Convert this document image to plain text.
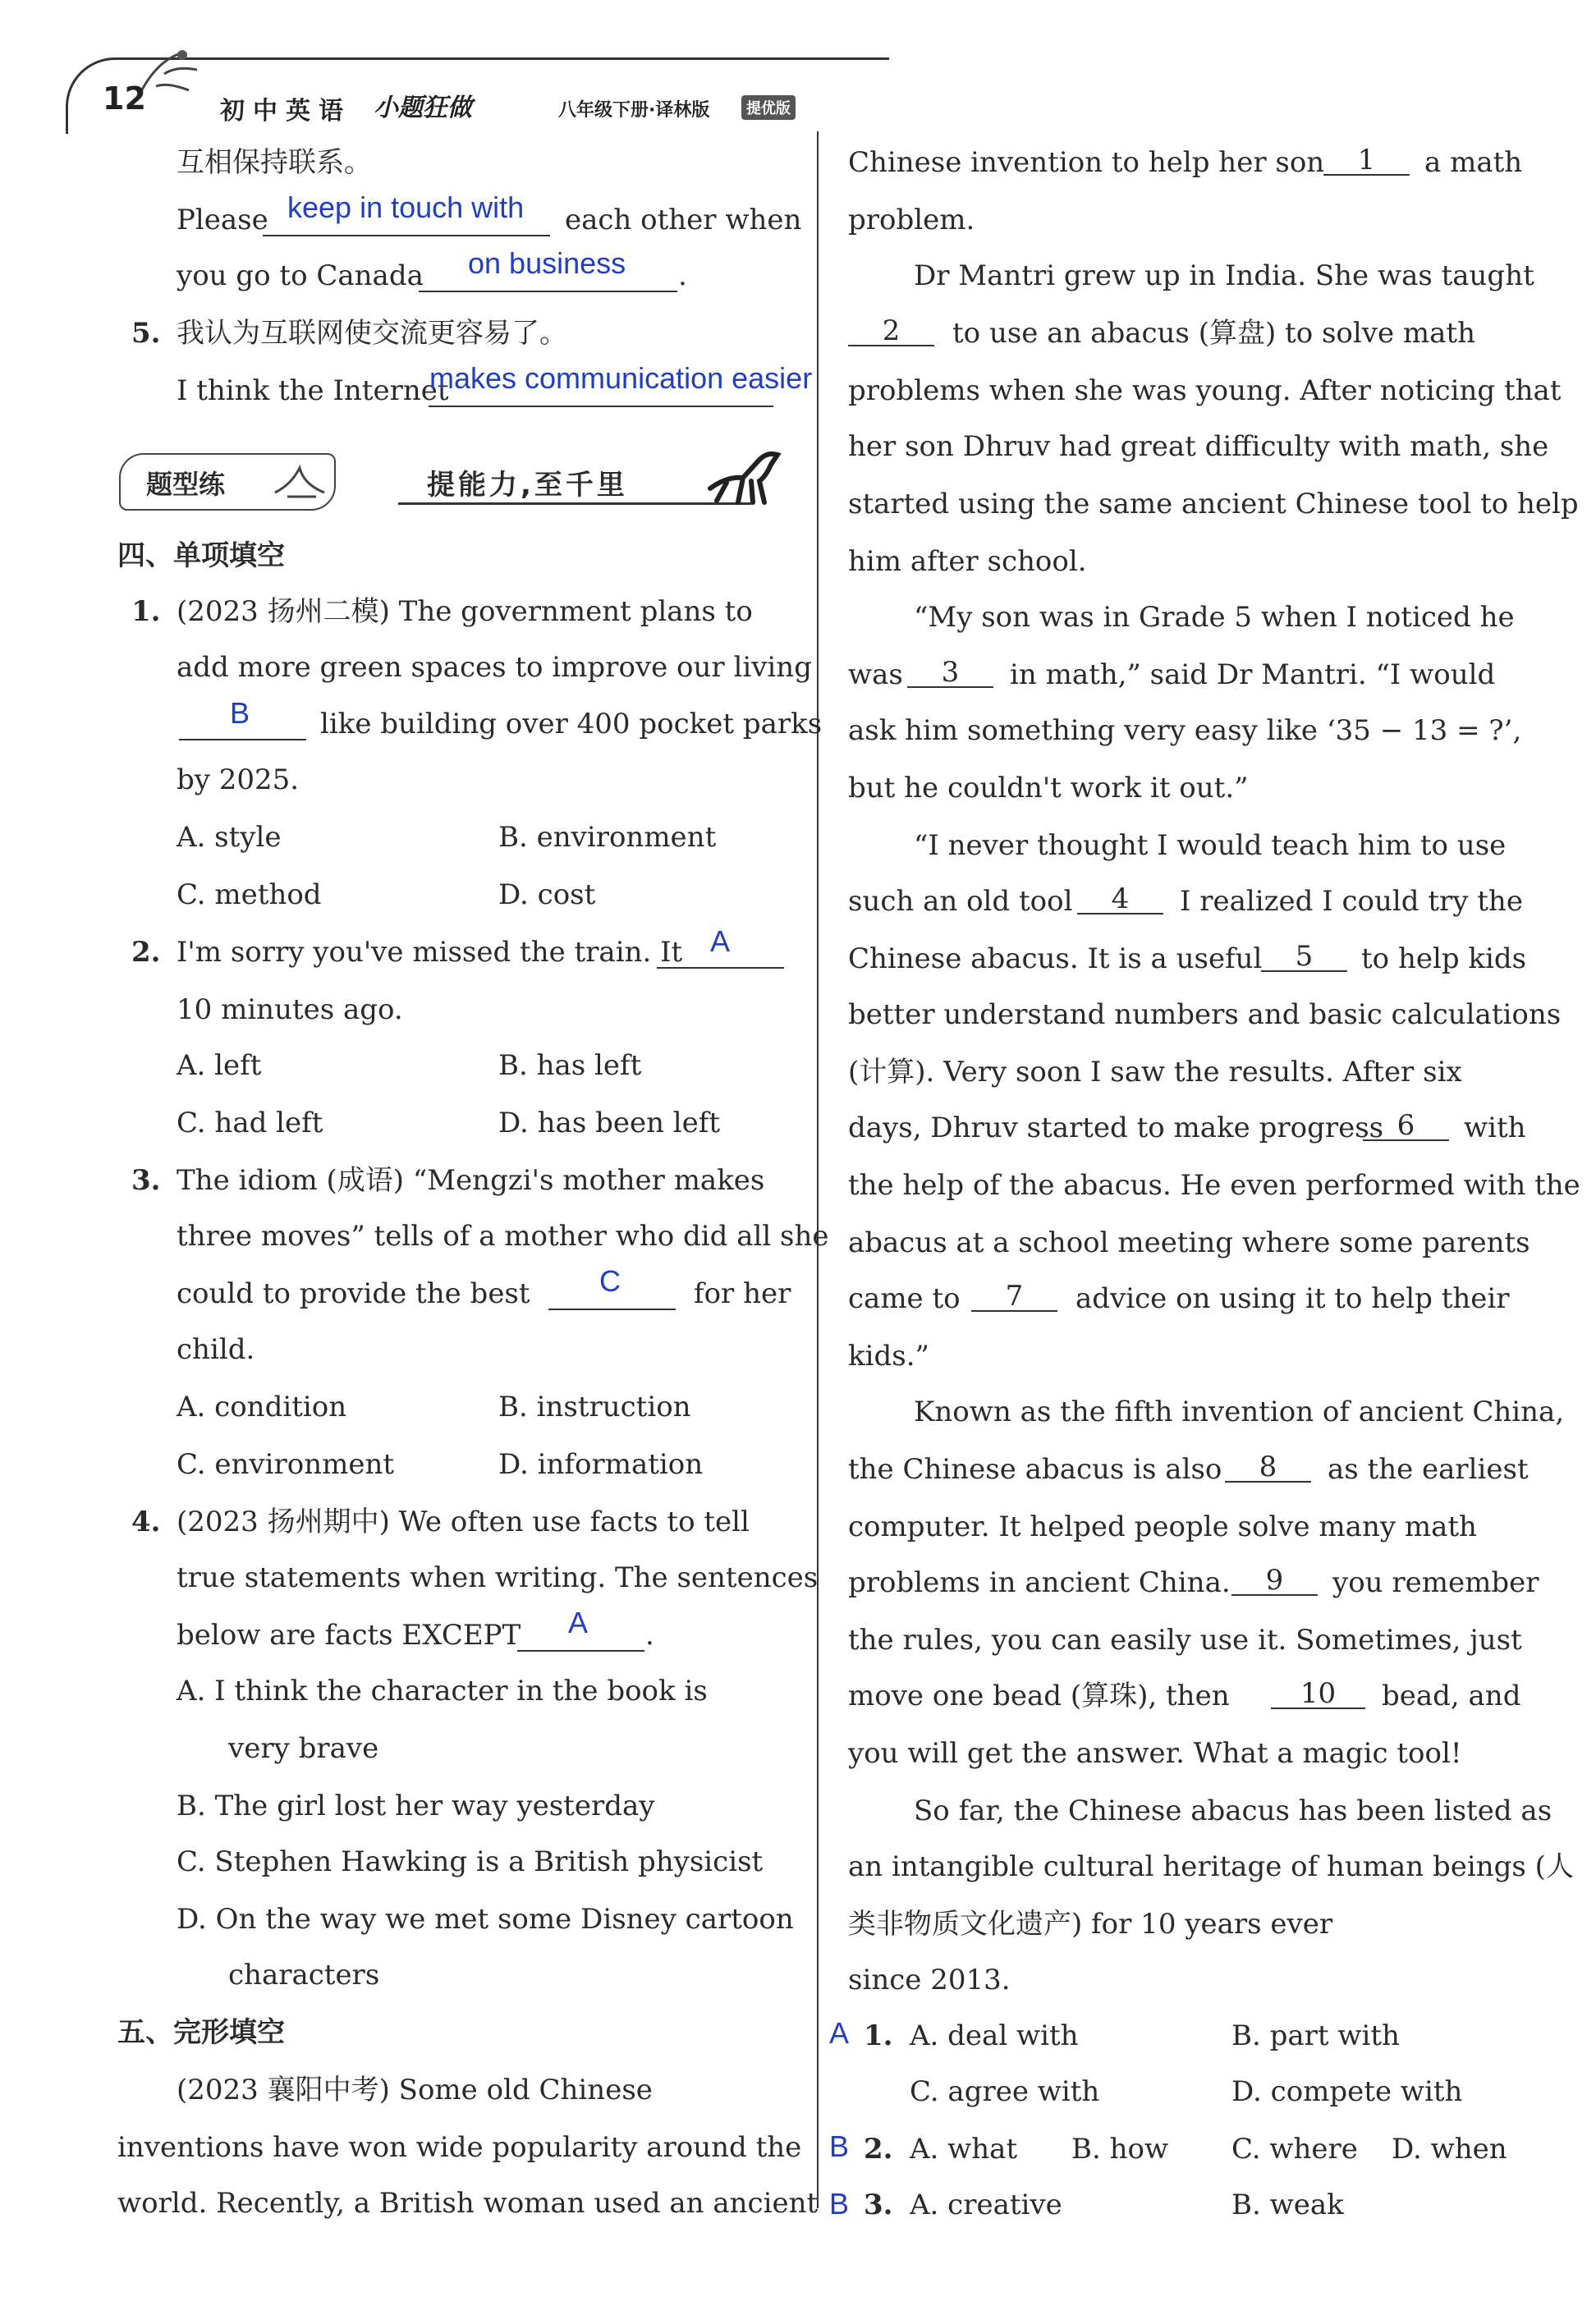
12	初中英语 小题狂做	八年级下册·译林版	提优版
互相保持联系。
Please keep in touch with each other when
you go to Canada on business .
5. 我认为互联网使交流更容易了。
I think the Internet
makes communication easier
题型练	提能力,至千里
四、单项填空
1. (2023 扬州二模) The government plans to
add more green spaces to improve our living
B	like building over 400 pocket parks
by 2025.
A. style	B. environment
C. method	D. cost
2. I'm sorry you've missed the train. It A
10 minutes ago.
A. left	B. has left
C. had left	D. has been left
3. The idiom (成语) “Mengzi's mother makes
three moves” tells of a mother who did all she
could to provide the best C	for her
child.
A. condition	B. instruction
C. environment	D. information
4. (2023 扬州期中) We often use facts to tell
true statements when writing. The sentences
below are facts EXCEPT A .
A. I think the character in the book is
very brave
B. The girl lost her way yesterday
C. Stephen Hawking is a British physicist
D. On the way we met some Disney cartoon
characters
五、完形填空
(2023 襄阳中考) Some old Chinese
inventions have won wide popularity around the
world. Recently, a British woman used an ancient
Chinese invention to help her son	1	a math
problem.
Dr Mantri grew up in India. She was taught
2	to use an abacus (算盘) to solve math
problems when she was young. After noticing that
her son Dhruv had great difficulty with math, she
started using the same ancient Chinese tool to help
him after school.
“My son was in Grade 5 when I noticed he
was	3	in math,” said Dr Mantri. “I would
ask him something very easy like ‘35 − 13 = ?’,
but he couldn't work it out.”
“I never thought I would teach him to use
such an old tool	4	I realized I could try the
Chinese abacus. It is a useful	5	to help kids
better understand numbers and basic calculations
(计算). Very soon I saw the results. After six
days, Dhruv started to make progress 6	with
the help of the abacus. He even performed with the
abacus at a school meeting where some parents
came to	7	advice on using it to help their
kids.”
Known as the fifth invention of ancient China,
the Chinese abacus is also	8	as the earliest
computer. It helped people solve many math
problems in ancient China.	9	you remember
the rules, you can easily use it. Sometimes, just
move one bead (算珠), then	10	bead, and
you will get the answer. What a magic tool!
So far, the Chinese abacus has been listed as
an intangible cultural heritage of human beings (人
类非物质文化遗产) for 10 years ever
since 2013.
A 1. A. deal with	B. part with
C. agree with	D. compete with
B 2. A. what B. how C. where D. when
B 3. A. creative	B. weak
